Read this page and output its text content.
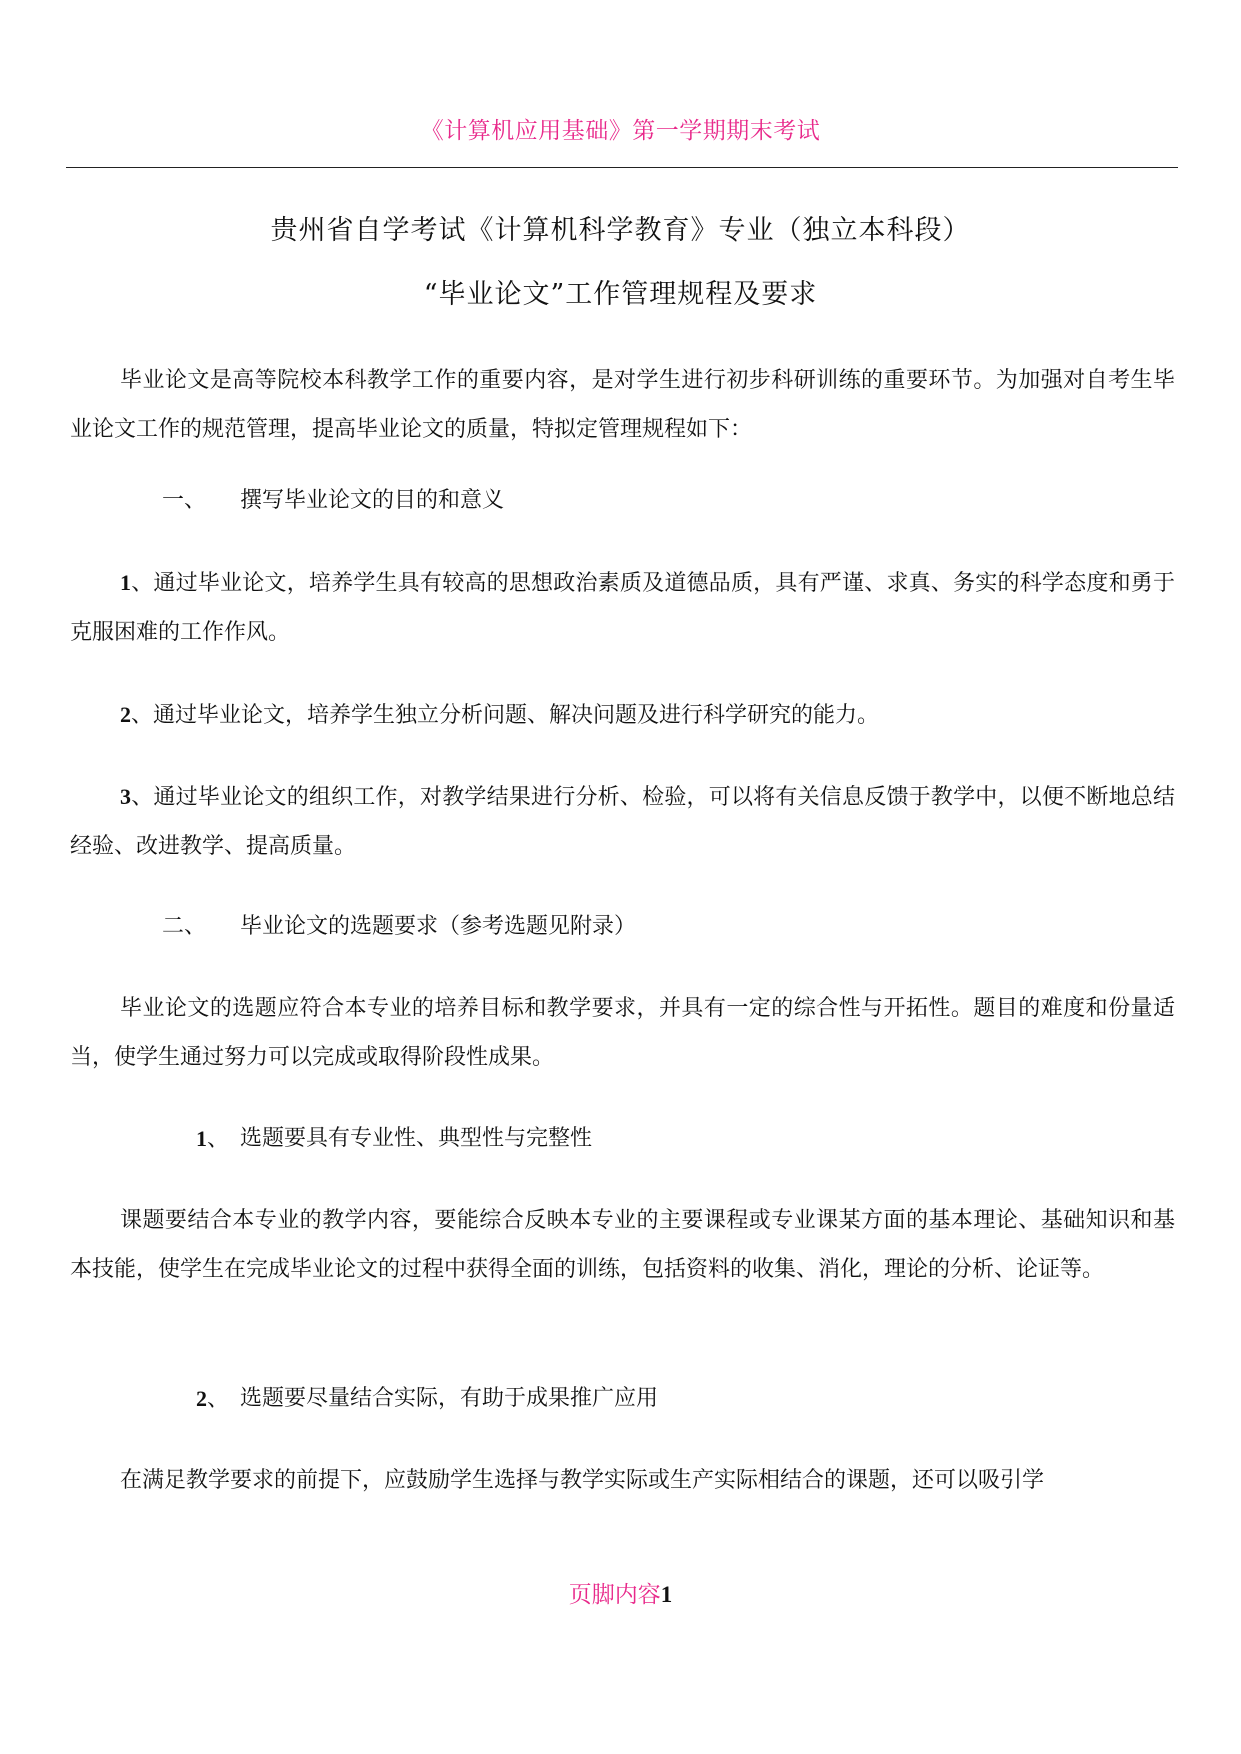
《计算机应用基础》第一学期期末考试
贵州省自学考试《计算机科学教育》专业（独立本科段）
“毕业论文”工作管理规程及要求

毕业论文是高等院校本科教学工作的重要内容，是对学生进行初步科研训练的重要环节。为加强对自考生毕业论文工作的规范管理，提高毕业论文的质量，特拟定管理规程如下：

一、 撰写毕业论文的目的和意义

1、通过毕业论文，培养学生具有较高的思想政治素质及道德品质，具有严谨、求真、务实的科学态度和勇于克服困难的工作作风。

2、通过毕业论文，培养学生独立分析问题、解决问题及进行科学研究的能力。

3、通过毕业论文的组织工作，对教学结果进行分析、检验，可以将有关信息反馈于教学中，以便不断地总结经验、改进教学、提高质量。

二、 毕业论文的选题要求（参考选题见附录）

毕业论文的选题应符合本专业的培养目标和教学要求，并具有一定的综合性与开拓性。题目的难度和份量适当，使学生通过努力可以完成或取得阶段性成果。

1、 选题要具有专业性、典型性与完整性

课题要结合本专业的教学内容，要能综合反映本专业的主要课程或专业课某方面的基本理论、基础知识和基本技能，使学生在完成毕业论文的过程中获得全面的训练，包括资料的收集、消化，理论的分析、论证等。

2、 选题要尽量结合实际，有助于成果推广应用

在满足教学要求的前提下，应鼓励学生选择与教学实际或生产实际相结合的课题，还可以吸引学

页脚内容1
